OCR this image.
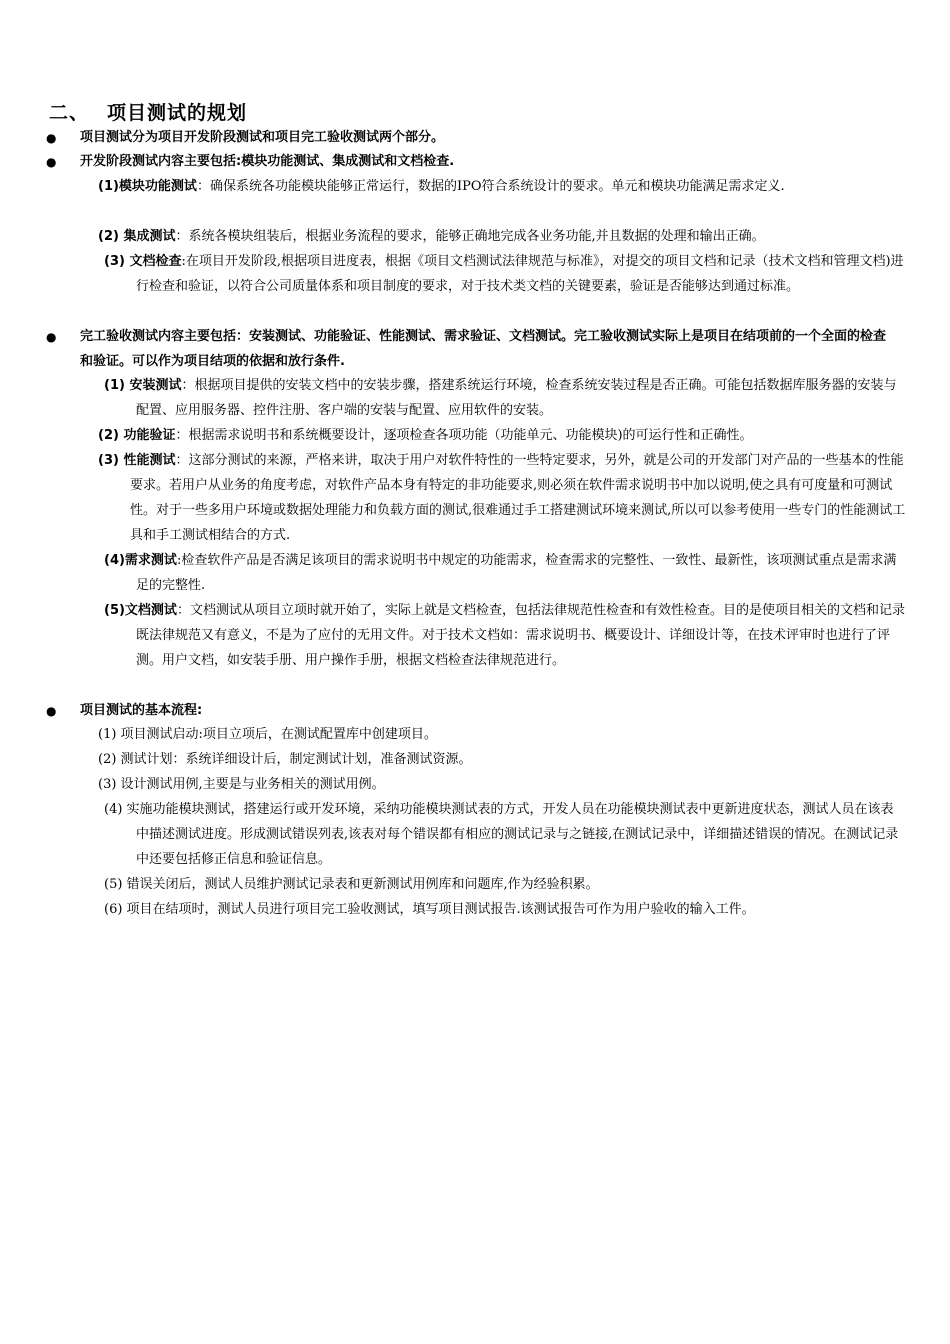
二、 项目测试的规划
● 项目测试分为项目开发阶段测试和项目完工验收测试两个部分。
● 开发阶段测试内容主要包括:模块功能测试、集成测试和文档检查.
(1)模块功能测试：确保系统各功能模块能够正常运行，数据的IPO符合系统设计的要求。单元和模块功能满足需求定义.
(2) 集成测试：系统各模块组装后，根据业务流程的要求，能够正确地完成各业务功能,并且数据的处理和输出正确。
(3) 文档检查:在项目开发阶段,根据项目进度表，根据《项目文档测试法律规范与标准》，对提交的项目文档和记录（技术文档和管理文档)进行检查和验证，以符合公司质量体系和项目制度的要求，对于技术类文档的关键要素，验证是否能够达到通过标准。
● 完工验收测试内容主要包括：安装测试、功能验证、性能测试、需求验证、文档测试。完工验收测试实际上是项目在结项前的一个全面的检查和验证。可以作为项目结项的依据和放行条件.
(1) 安装测试：根据项目提供的安装文档中的安装步骤，搭建系统运行环境，检查系统安装过程是否正确。可能包括数据库服务器的安装与配置、应用服务器、控件注册、客户端的安装与配置、应用软件的安装。
(2) 功能验证：根据需求说明书和系统概要设计，逐项检查各项功能（功能单元、功能模块)的可运行性和正确性。
(3) 性能测试：这部分测试的来源，严格来讲，取决于用户对软件特性的一些特定要求，另外，就是公司的开发部门对产品的一些基本的性能要求。若用户从业务的角度考虑，对软件产品本身有特定的非功能要求,则必须在软件需求说明书中加以说明,使之具有可度量和可测试性。对于一些多用户环境或数据处理能力和负载方面的测试,很难通过手工搭建测试环境来测试,所以可以参考使用一些专门的性能测试工具和手工测试相结合的方式.
(4)需求测试:检查软件产品是否满足该项目的需求说明书中规定的功能需求，检查需求的完整性、一致性、最新性，该项测试重点是需求满足的完整性.
(5)文档测试：文档测试从项目立项时就开始了，实际上就是文档检查，包括法律规范性检查和有效性检查。目的是使项目相关的文档和记录既法律规范又有意义，不是为了应付的无用文件。对于技术文档如：需求说明书、概要设计、详细设计等，在技术评审时也进行了评测。用户文档，如安装手册、用户操作手册，根据文档检查法律规范进行。
● 项目测试的基本流程:
(1) 项目测试启动:项目立项后，在测试配置库中创建项目。
(2) 测试计划：系统详细设计后，制定测试计划，准备测试资源。
(3) 设计测试用例,主要是与业务相关的测试用例。
(4) 实施功能模块测试，搭建运行或开发环境，采纳功能模块测试表的方式，开发人员在功能模块测试表中更新进度状态，测试人员在该表中描述测试进度。形成测试错误列表,该表对每个错误都有相应的测试记录与之链接,在测试记录中，详细描述错误的情况。在测试记录中还要包括修正信息和验证信息。
(5) 错误关闭后，测试人员维护测试记录表和更新测试用例库和问题库,作为经验积累。
(6) 项目在结项时，测试人员进行项目完工验收测试，填写项目测试报告.该测试报告可作为用户验收的输入工件。
